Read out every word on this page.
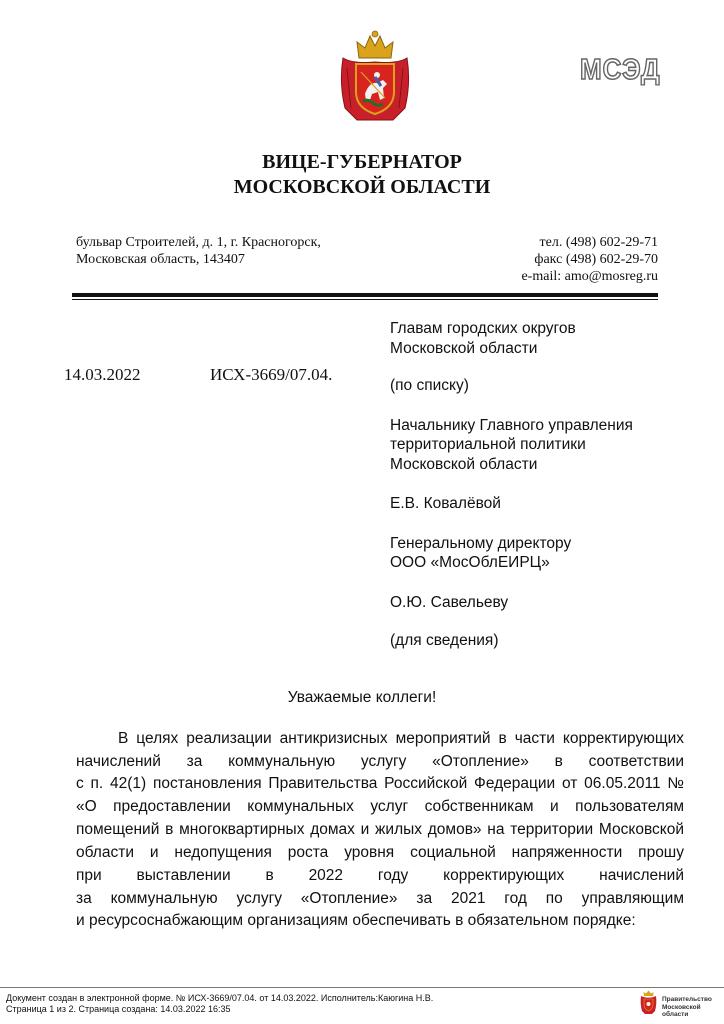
МСЭД
ВИЦЕ-ГУБЕРНАТОР
МОСКОВСКОЙ ОБЛАСТИ
бульвар Строителей, д. 1, г. Красногорск,
Московская область, 143407
тел. (498) 602-29-71
факс (498) 602-29-70
e-mail: amo@mosreg.ru
14.03.2022	ИСХ-3669/07.04.
Главам городских округов
Московской области
(по списку)
Начальнику Главного управления
территориальной политики
Московской области
Е.В. Ковалёвой
Генеральному директору
ООО «МосОблЕИРЦ»
О.Ю. Савельеву
(для сведения)
Уважаемые коллеги!
В целях реализации антикризисных мероприятий в части корректирующих
начислений за коммунальную услугу «Отопление» в соответствии
с п. 42(1) постановления Правительства Российской Федерации от 06.05.2011 №
«О предоставлении коммунальных услуг собственникам и пользователям
помещений в многоквартирных домах и жилых домов» на территории Московской
области и недопущения роста уровня социальной напряженности прошу
при выставлении в 2022 году корректирующих начислений
за коммунальную услугу «Отопление» за 2021 год по управляющим
и ресурсоснабжающим организациям обеспечивать в обязательном порядке:
Документ создан в электронной форме. № ИСХ-3669/07.04. от 14.03.2022. Исполнитель:Каюгина Н.В.
Страница 1 из 2. Страница создана: 14.03.2022 16:35
Правительство
Московской области
